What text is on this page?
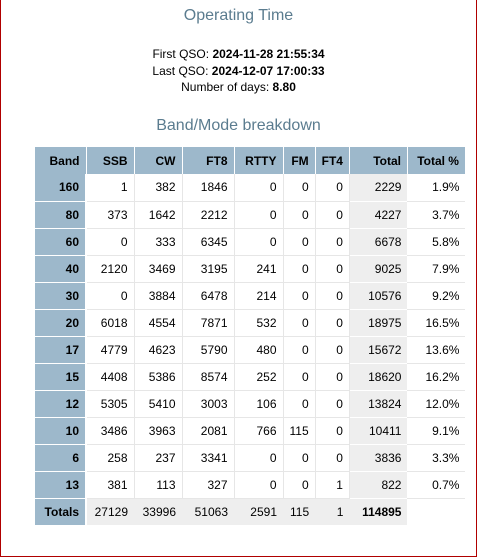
Operating Time
First QSO: 2024-11-28 21:55:34
Last QSO: 2024-12-07 17:00:33
Number of days: 8.80
Band/Mode breakdown
Band	SSB	CW	FT8	RTTY	FM	FT4	Total	Total %
160	1	382	1846	0	0	0	2229	1.9%
80	373	1642	2212	0	0	0	4227	3.7%
60	0	333	6345	0	0	0	6678	5.8%
40	2120	3469	3195	241	0	0	9025	7.9%
30	0	3884	6478	214	0	0	10576	9.2%
20	6018	4554	7871	532	0	0	18975	16.5%
17	4779	4623	5790	480	0	0	15672	13.6%
15	4408	5386	8574	252	0	0	18620	16.2%
12	5305	5410	3003	106	0	0	13824	12.0%
10	3486	3963	2081	766	115	0	10411	9.1%
6	258	237	3341	0	0	0	3836	3.3%
13	381	113	327	0	0	1	822	0.7%
Totals	27129	33996	51063	2591	115	1	114895	
